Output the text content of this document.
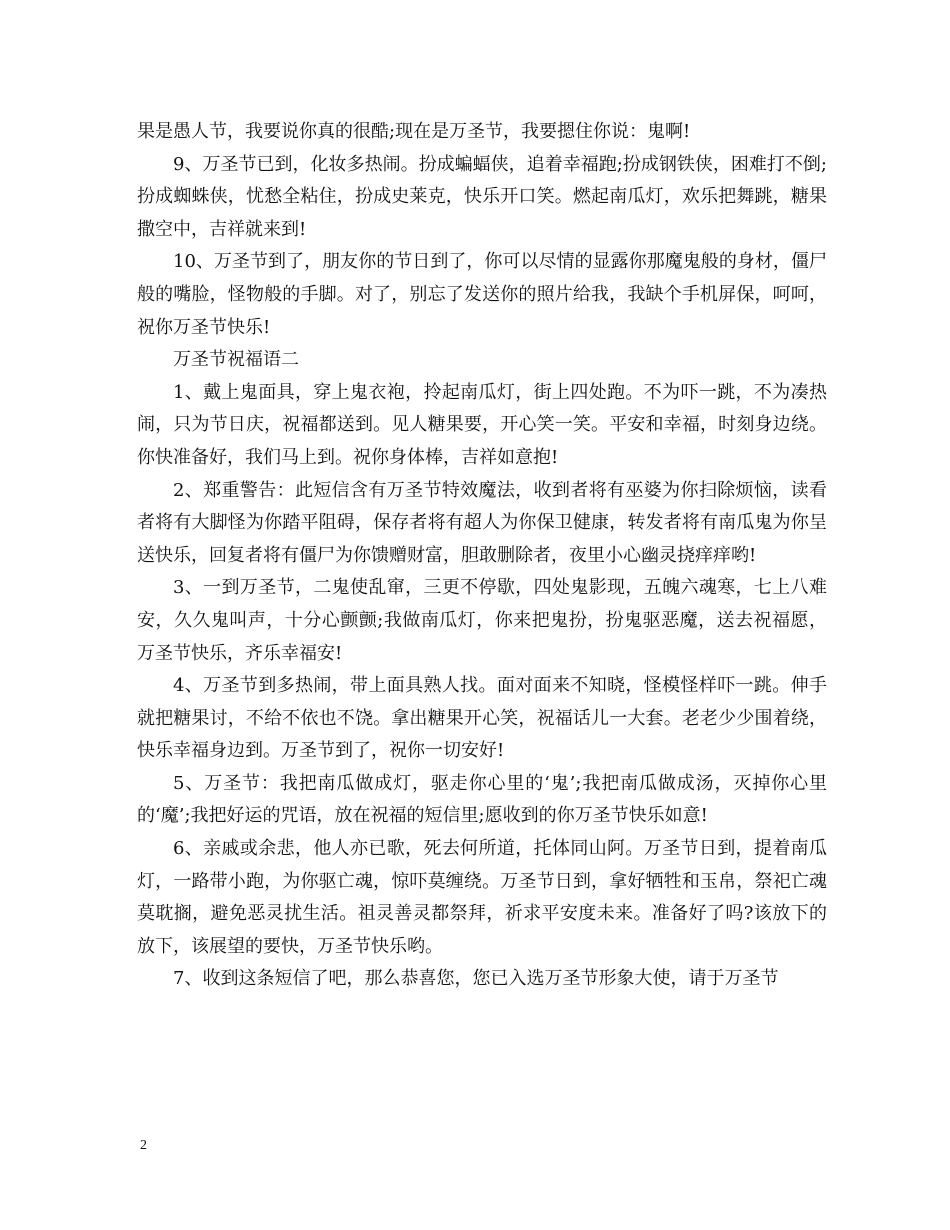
果是愚人节，我要说你真的很酷;现在是万圣节，我要摁住你说：鬼啊!

9、万圣节已到，化妆多热闹。扮成蝙蝠侠，追着幸福跑;扮成钢铁侠，困难打不倒;扮成蜘蛛侠，忧愁全粘住，扮成史莱克，快乐开口笑。燃起南瓜灯，欢乐把舞跳，糖果撒空中，吉祥就来到!

10、万圣节到了，朋友你的节日到了，你可以尽情的显露你那魔鬼般的身材，僵尸般的嘴脸，怪物般的手脚。对了，别忘了发送你的照片给我，我缺个手机屏保，呵呵，祝你万圣节快乐!

万圣节祝福语二

1、戴上鬼面具，穿上鬼衣袍，拎起南瓜灯，街上四处跑。不为吓一跳，不为凑热闹，只为节日庆，祝福都送到。见人糖果要，开心笑一笑。平安和幸福，时刻身边绕。你快准备好，我们马上到。祝你身体棒，吉祥如意抱!

2、郑重警告：此短信含有万圣节特效魔法，收到者将有巫婆为你扫除烦恼，读看者将有大脚怪为你踏平阻碍，保存者将有超人为你保卫健康，转发者将有南瓜鬼为你呈送快乐，回复者将有僵尸为你馈赠财富，胆敢删除者，夜里小心幽灵挠痒痒哟!

3、一到万圣节，二鬼使乱窜，三更不停歇，四处鬼影现，五魄六魂寒，七上八难安，久久鬼叫声，十分心颤颤;我做南瓜灯，你来把鬼扮，扮鬼驱恶魔，送去祝福愿，万圣节快乐，齐乐幸福安!

4、万圣节到多热闹，带上面具熟人找。面对面来不知晓，怪模怪样吓一跳。伸手就把糖果讨，不给不依也不饶。拿出糖果开心笑，祝福话儿一大套。老老少少围着绕，快乐幸福身边到。万圣节到了，祝你一切安好!

5、万圣节：我把南瓜做成灯，驱走你心里的‘鬼’;我把南瓜做成汤，灭掉你心里的‘魔’;我把好运的咒语，放在祝福的短信里;愿收到的你万圣节快乐如意!

6、亲戚或余悲，他人亦已歌，死去何所道，托体同山阿。万圣节日到，提着南瓜灯，一路带小跑，为你驱亡魂，惊吓莫缠绕。万圣节日到，拿好牺牲和玉帛，祭祀亡魂莫耽搁，避免恶灵扰生活。祖灵善灵都祭拜，祈求平安度未来。准备好了吗?该放下的放下，该展望的要快，万圣节快乐哟。

7、收到这条短信了吧，那么恭喜您，您已入选万圣节形象大使，请于万圣节

2
